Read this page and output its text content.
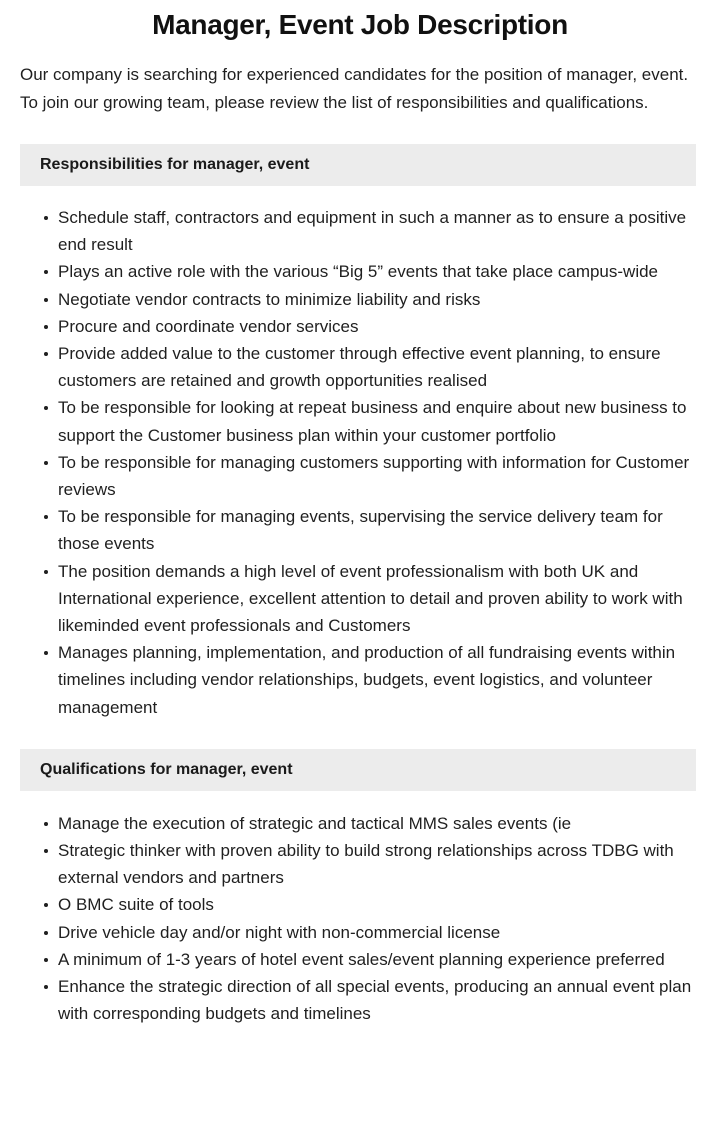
Manager, Event Job Description

Our company is searching for experienced candidates for the position of manager, event. To join our growing team, please review the list of responsibilities and qualifications.

Responsibilities for manager, event
Schedule staff, contractors and equipment in such a manner as to ensure a positive end result
Plays an active role with the various “Big 5” events that take place campus-wide
Negotiate vendor contracts to minimize liability and risks
Procure and coordinate vendor services
Provide added value to the customer through effective event planning, to ensure customers are retained and growth opportunities realised
To be responsible for looking at repeat business and enquire about new business to support the Customer business plan within your customer portfolio
To be responsible for managing customers supporting with information for Customer reviews
To be responsible for managing events, supervising the service delivery team for those events
The position demands a high level of event professionalism with both UK and International experience, excellent attention to detail and proven ability to work with likeminded event professionals and Customers
Manages planning, implementation, and production of all fundraising events within timelines including vendor relationships, budgets, event logistics, and volunteer management
Qualifications for manager, event
Manage the execution of strategic and tactical MMS sales events (ie
Strategic thinker with proven ability to build strong relationships across TDBG with external vendors and partners
O BMC suite of tools
Drive vehicle day and/or night with non-commercial license
A minimum of 1-3 years of hotel event sales/event planning experience preferred
Enhance the strategic direction of all special events, producing an annual event plan with corresponding budgets and timelines
